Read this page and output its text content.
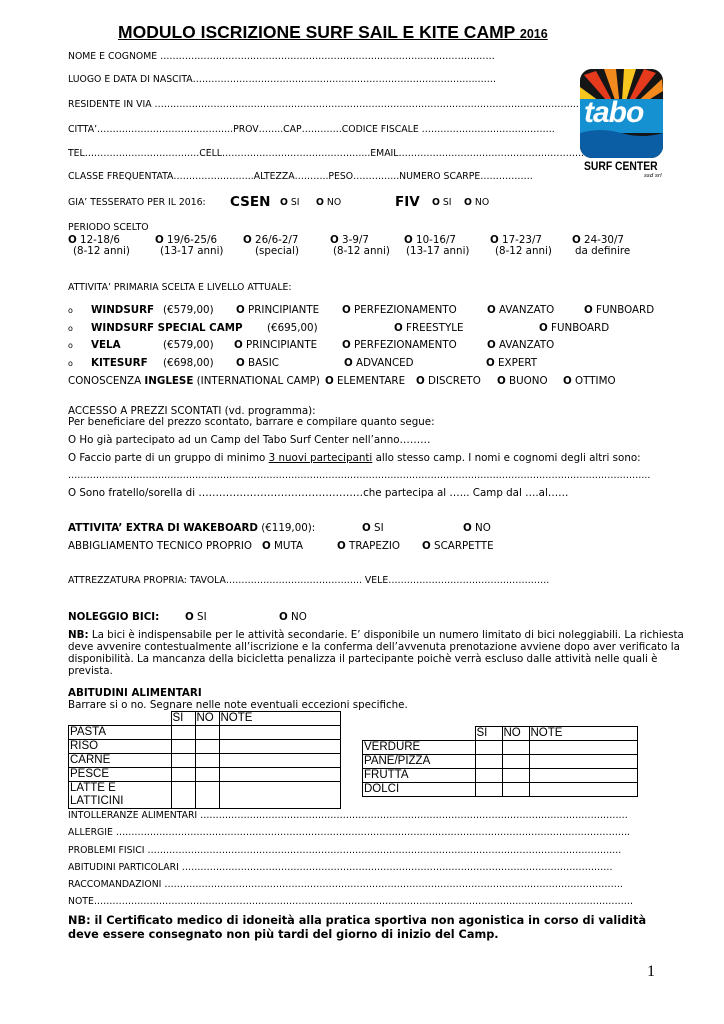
MODULO ISCRIZIONE SURF SAIL E KITE CAMP 2016
tabo
SURF CENTER
ssd srl
NOME E COGNOME ………………………………………………………………………………………………
LUOGO E DATA DI NASCITA………………………………………………………………………………..……
RESIDENTE IN VIA ………………………………………………………………………………………………………………………..
CITTA’……………………………………..PROV……..CAP………….CODICE FISCALE …………………………………….
TEL……………………………….CELL………………………………………...EMAIL…………………….……………………………..
CLASSE FREQUENTATA……………………..ALTEZZA………..PESO…………...NUMERO SCARPE……………..
GIA’ TESSERATO PER IL 2016: CSEN O SI O NO	FIV O SI O NO
PERIODO SCELTO
O 12-18/6
(8-12 anni)
O 19/6-25/6
(13-17 anni)
O 26/6-2/7
(special)
O 3-9/7
(8-12 anni)
O 10-16/7
(13-17 anni)
O 17-23/7
(8-12 anni)
O 24-30/7
da definire
ATTIVITA’ PRIMARIA SCELTA E LIVELLO ATTUALE:
o WINDSURF (€579,00) O PRINCIPIANTE O PERFEZIONAMENTO	O AVANZATO	O FUNBOARD
o WINDSURF SPECIAL CAMP (€695,00)	O FREESTYLE	O FUNBOARD
o VELA	(€579,00) O PRINCIPIANTE O PERFEZIONAMENTO	O AVANZATO
o KITESURF (€698,00) O BASIC	O ADVANCED	O EXPERT
CONOSCENZA INGLESE (INTERNATIONAL CAMP) O ELEMENTARE O DISCRETO O BUONO O OTTIMO
ACCESSO A PREZZI SCONTATI (vd. programma):
Per beneficiare del prezzo scontato, barrare e compilare quanto segue:
O Ho già partecipato ad un Camp del Tabo Surf Center nell’anno………
O Faccio parte di un gruppo di minimo 3 nuovi partecipanti allo stesso camp. I nomi e cognomi degli altri sono:
……………………………………………………………………………………………………………………………………………………………………..
O Sono fratello/sorella di …………………………………………che partecipa al …... Camp dal ….al……
ATTIVITA’ EXTRA DI WAKEBOARD (€119,00):	O SI	O NO
ABBIGLIAMENTO TECNICO PROPRIO O MUTA	O TRAPEZIO O SCARPETTE
ATTREZZATURA PROPRIA: TAVOLA…………………………………….. VELE…………………………………………….
NOLEGGIO BICI:	O SI	O NO
NB: La bici è indispensabile per le attività secondarie. E’ disponibile un numero limitato di bici noleggiabili. La richiesta
deve avvenire contestualmente all’iscrizione e la conferma dell’avvenuta prenotazione avviene dopo aver verificato la
disponibilità. La mancanza della bicicletta penalizza il partecipante poichè verrà escluso dalle attività nelle quali è
prevista.
ABITUDINI ALIMENTARI
Barrare si o no. Segnare nelle note eventuali eccezioni specifiche.
	SI	NO	NOTE
PASTA			
RISO			
CARNE			
PESCE			
LATTE E LATTICINI			
	SI	NO	NOTE
VERDURE			
PANE/PIZZA			
FRUTTA			
DOLCI			
INTOLLERANZE ALIMENTARI …………………………………………………………………………………………………………………………
ALLERGIE ………………………………………………………………………………………………………………………………………………….
PROBLEMI FISICI ……………………………………………………………………………………………………………………………………...
ABITUDINI PARTICOLARI ………………………………………………………………………………………………………………………….
RACCOMANDAZIONI ………………………………………………………………………………………………………………………………….
NOTE…………………………………………………………………………………………………………………………………………………………
NB: il Certificato medico di idoneità alla pratica sportiva non agonistica in corso di validità
deve essere consegnato non più tardi del giorno di inizio del Camp.
1
